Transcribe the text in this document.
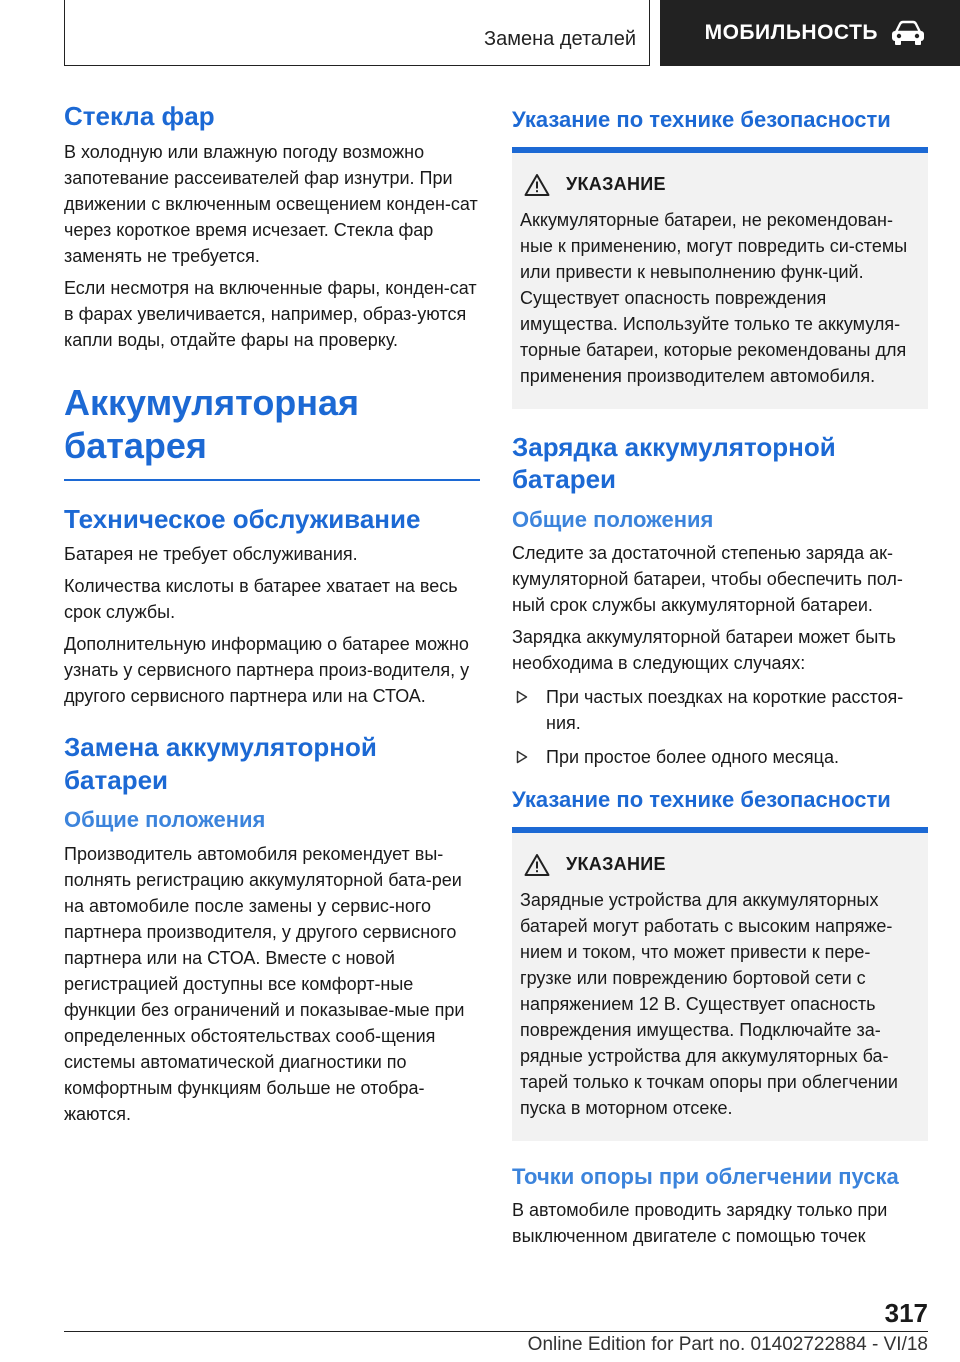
Замена деталей	МОБИЛЬНОСТЬ
Стекла фар

В холодную или влажную погоду возможно запотевание рассеивателей фар изнутри. При движении с включенным освещением конден-сат через короткое время исчезает. Стекла фар заменять не требуется.

Если несмотря на включенные фары, конден-сат в фарах увеличивается, например, образ-уются капли воды, отдайте фары на проверку.

Аккумуляторная батарея
Техническое обслуживание

Батарея не требует обслуживания.

Количества кислоты в батарее хватает на весь срок службы.

Дополнительную информацию о батарее можно узнать у сервисного партнера произ-водителя, у другого сервисного партнера или на СТОА.

Замена аккумуляторной батареи
Общие положения

Производитель автомобиля рекомендует вы-полнять регистрацию аккумуляторной бата-реи на автомобиле после замены у сервис-ного партнера производителя, у другого сервисного партнера или на СТОА. Вместе с новой регистрацией доступны все комфорт-ные функции без ограничений и показывае-мые при определенных обстоятельствах сооб-щения системы автоматической диагностики по комфортным функциям больше не отобра-жаются.

Указание по технике безопасности
УКАЗАНИЕ
Аккумуляторные батареи, не рекомендован-ные к применению, могут повредить си-стемы или привести к невыполнению функ-ций. Существует опасность повреждения имущества. Используйте только те аккумуля-торные батареи, которые рекомендованы для применения производителем автомобиля.
Зарядка аккумуляторной батареи
Общие положения

Следите за достаточной степенью заряда ак-кумуляторной батареи, чтобы обеспечить пол-ный срок службы аккумуляторной батареи.

Зарядка аккумуляторной батареи может быть необходима в следующих случаях:

При частых поездках на короткие расстоя-ния.
При простое более одного месяца.
Указание по технике безопасности
УКАЗАНИЕ
Зарядные устройства для аккумуляторных батарей могут работать с высоким напряже-нием и током, что может привести к пере-грузке или повреждению бортовой сети с напряжением 12 В. Существует опасность повреждения имущества. Подключайте за-рядные устройства для аккумуляторных ба-тарей только к точкам опоры при облегчении пуска в моторном отсеке.
Точки опоры при облегчении пуска

В автомобиле проводить зарядку только при выключенном двигателе с помощью точек

317
Online Edition for Part no. 01402722884 - VI/18
